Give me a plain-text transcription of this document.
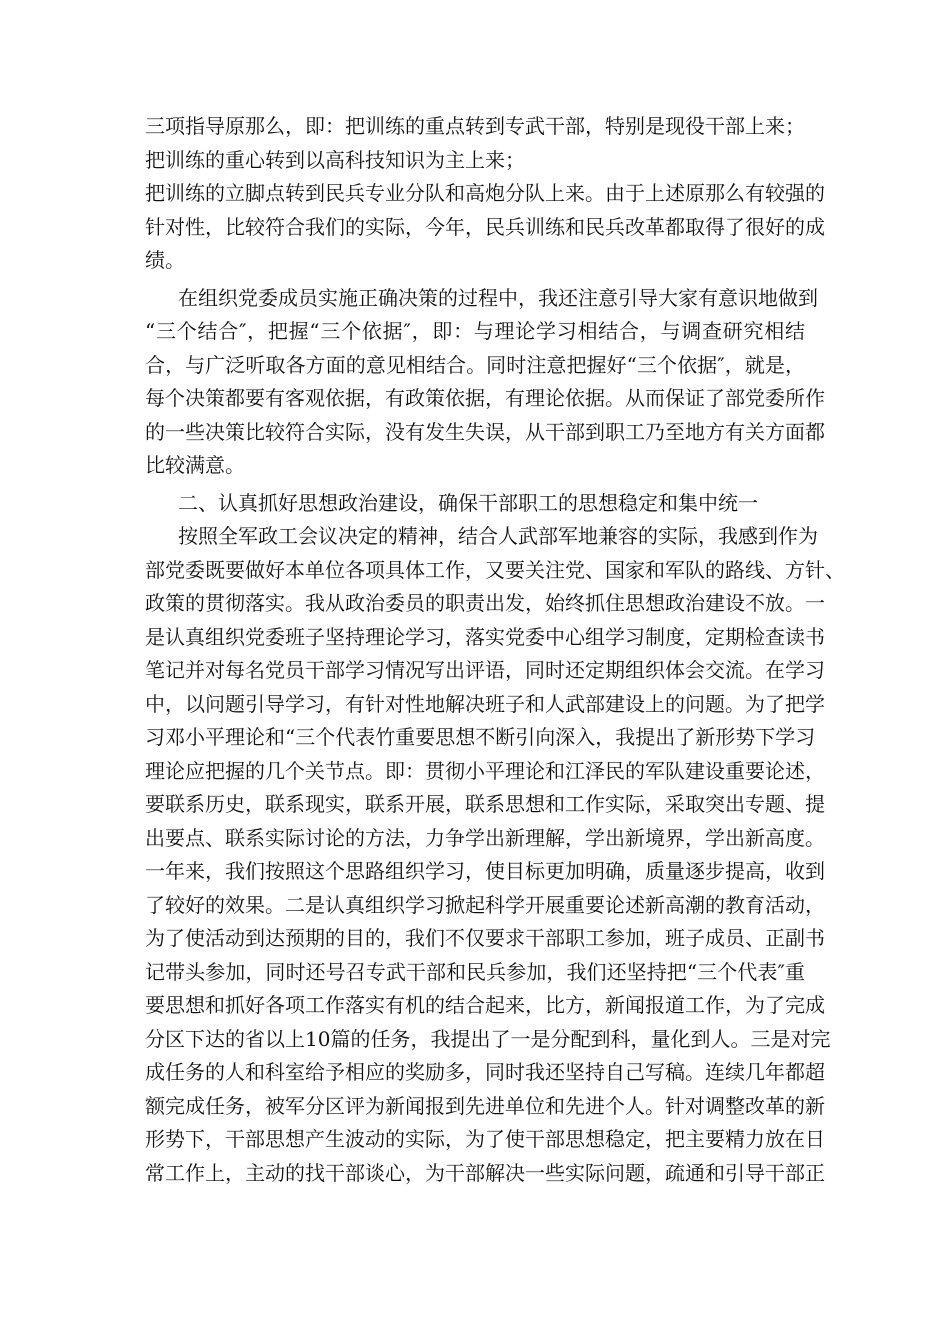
三项指导原那么，即：把训练的重点转到专武干部，特别是现役干部上来；
把训练的重心转到以高科技知识为主上来；
把训练的立脚点转到民兵专业分队和高炮分队上来。由于上述原那么有较强的
针对性，比较符合我们的实际，今年，民兵训练和民兵改革都取得了很好的成
绩。
在组织党委成员实施正确决策的过程中，我还注意引导大家有意识地做到
“三个结合″，把握“三个依据″，即：与理论学习相结合，与调查研究相结
合，与广泛听取各方面的意见相结合。同时注意把握好“三个依据″，就是，
每个决策都要有客观依据，有政策依据，有理论依据。从而保证了部党委所作
的一些决策比较符合实际，没有发生失误，从干部到职工乃至地方有关方面都
比较满意。
二、认真抓好思想政治建设，确保干部职工的思想稳定和集中统一
按照全军政工会议决定的精神，结合人武部军地兼容的实际，我感到作为
部党委既要做好本单位各项具体工作，又要关注党、国家和军队的路线、方针、
政策的贯彻落实。我从政治委员的职责出发，始终抓住思想政治建设不放。一
是认真组织党委班子坚持理论学习，落实党委中心组学习制度，定期检查读书
笔记并对每名党员干部学习情况写出评语，同时还定期组织体会交流。在学习
中，以问题引导学习，有针对性地解决班子和人武部建设上的问题。为了把学
习邓小平理论和“三个代表竹重要思想不断引向深入，我提出了新形势下学习
理论应把握的几个关节点。即：贯彻小平理论和江泽民的军队建设重要论述，
要联系历史，联系现实，联系开展，联系思想和工作实际，采取突出专题、提
出要点、联系实际讨论的方法，力争学出新理解，学出新境界，学出新高度。
一年来，我们按照这个思路组织学习，使目标更加明确，质量逐步提高，收到
了较好的效果。二是认真组织学习掀起科学开展重要论述新高潮的教育活动，
为了使活动到达预期的目的，我们不仅要求干部职工参加，班子成员、正副书
记带头参加，同时还号召专武干部和民兵参加，我们还坚持把“三个代表″重
要思想和抓好各项工作落实有机的结合起来，比方，新闻报道工作，为了完成
分区下达的省以上10篇的任务，我提出了一是分配到科，量化到人。三是对完
成任务的人和科室给予相应的奖励多，同时我还坚持自己写稿。连续几年都超
额完成任务，被军分区评为新闻报到先进单位和先进个人。针对调整改革的新
形势下，干部思想产生波动的实际，为了使干部思想稳定，把主要精力放在日
常工作上，主动的找干部谈心，为干部解决一些实际问题，疏通和引导干部正
